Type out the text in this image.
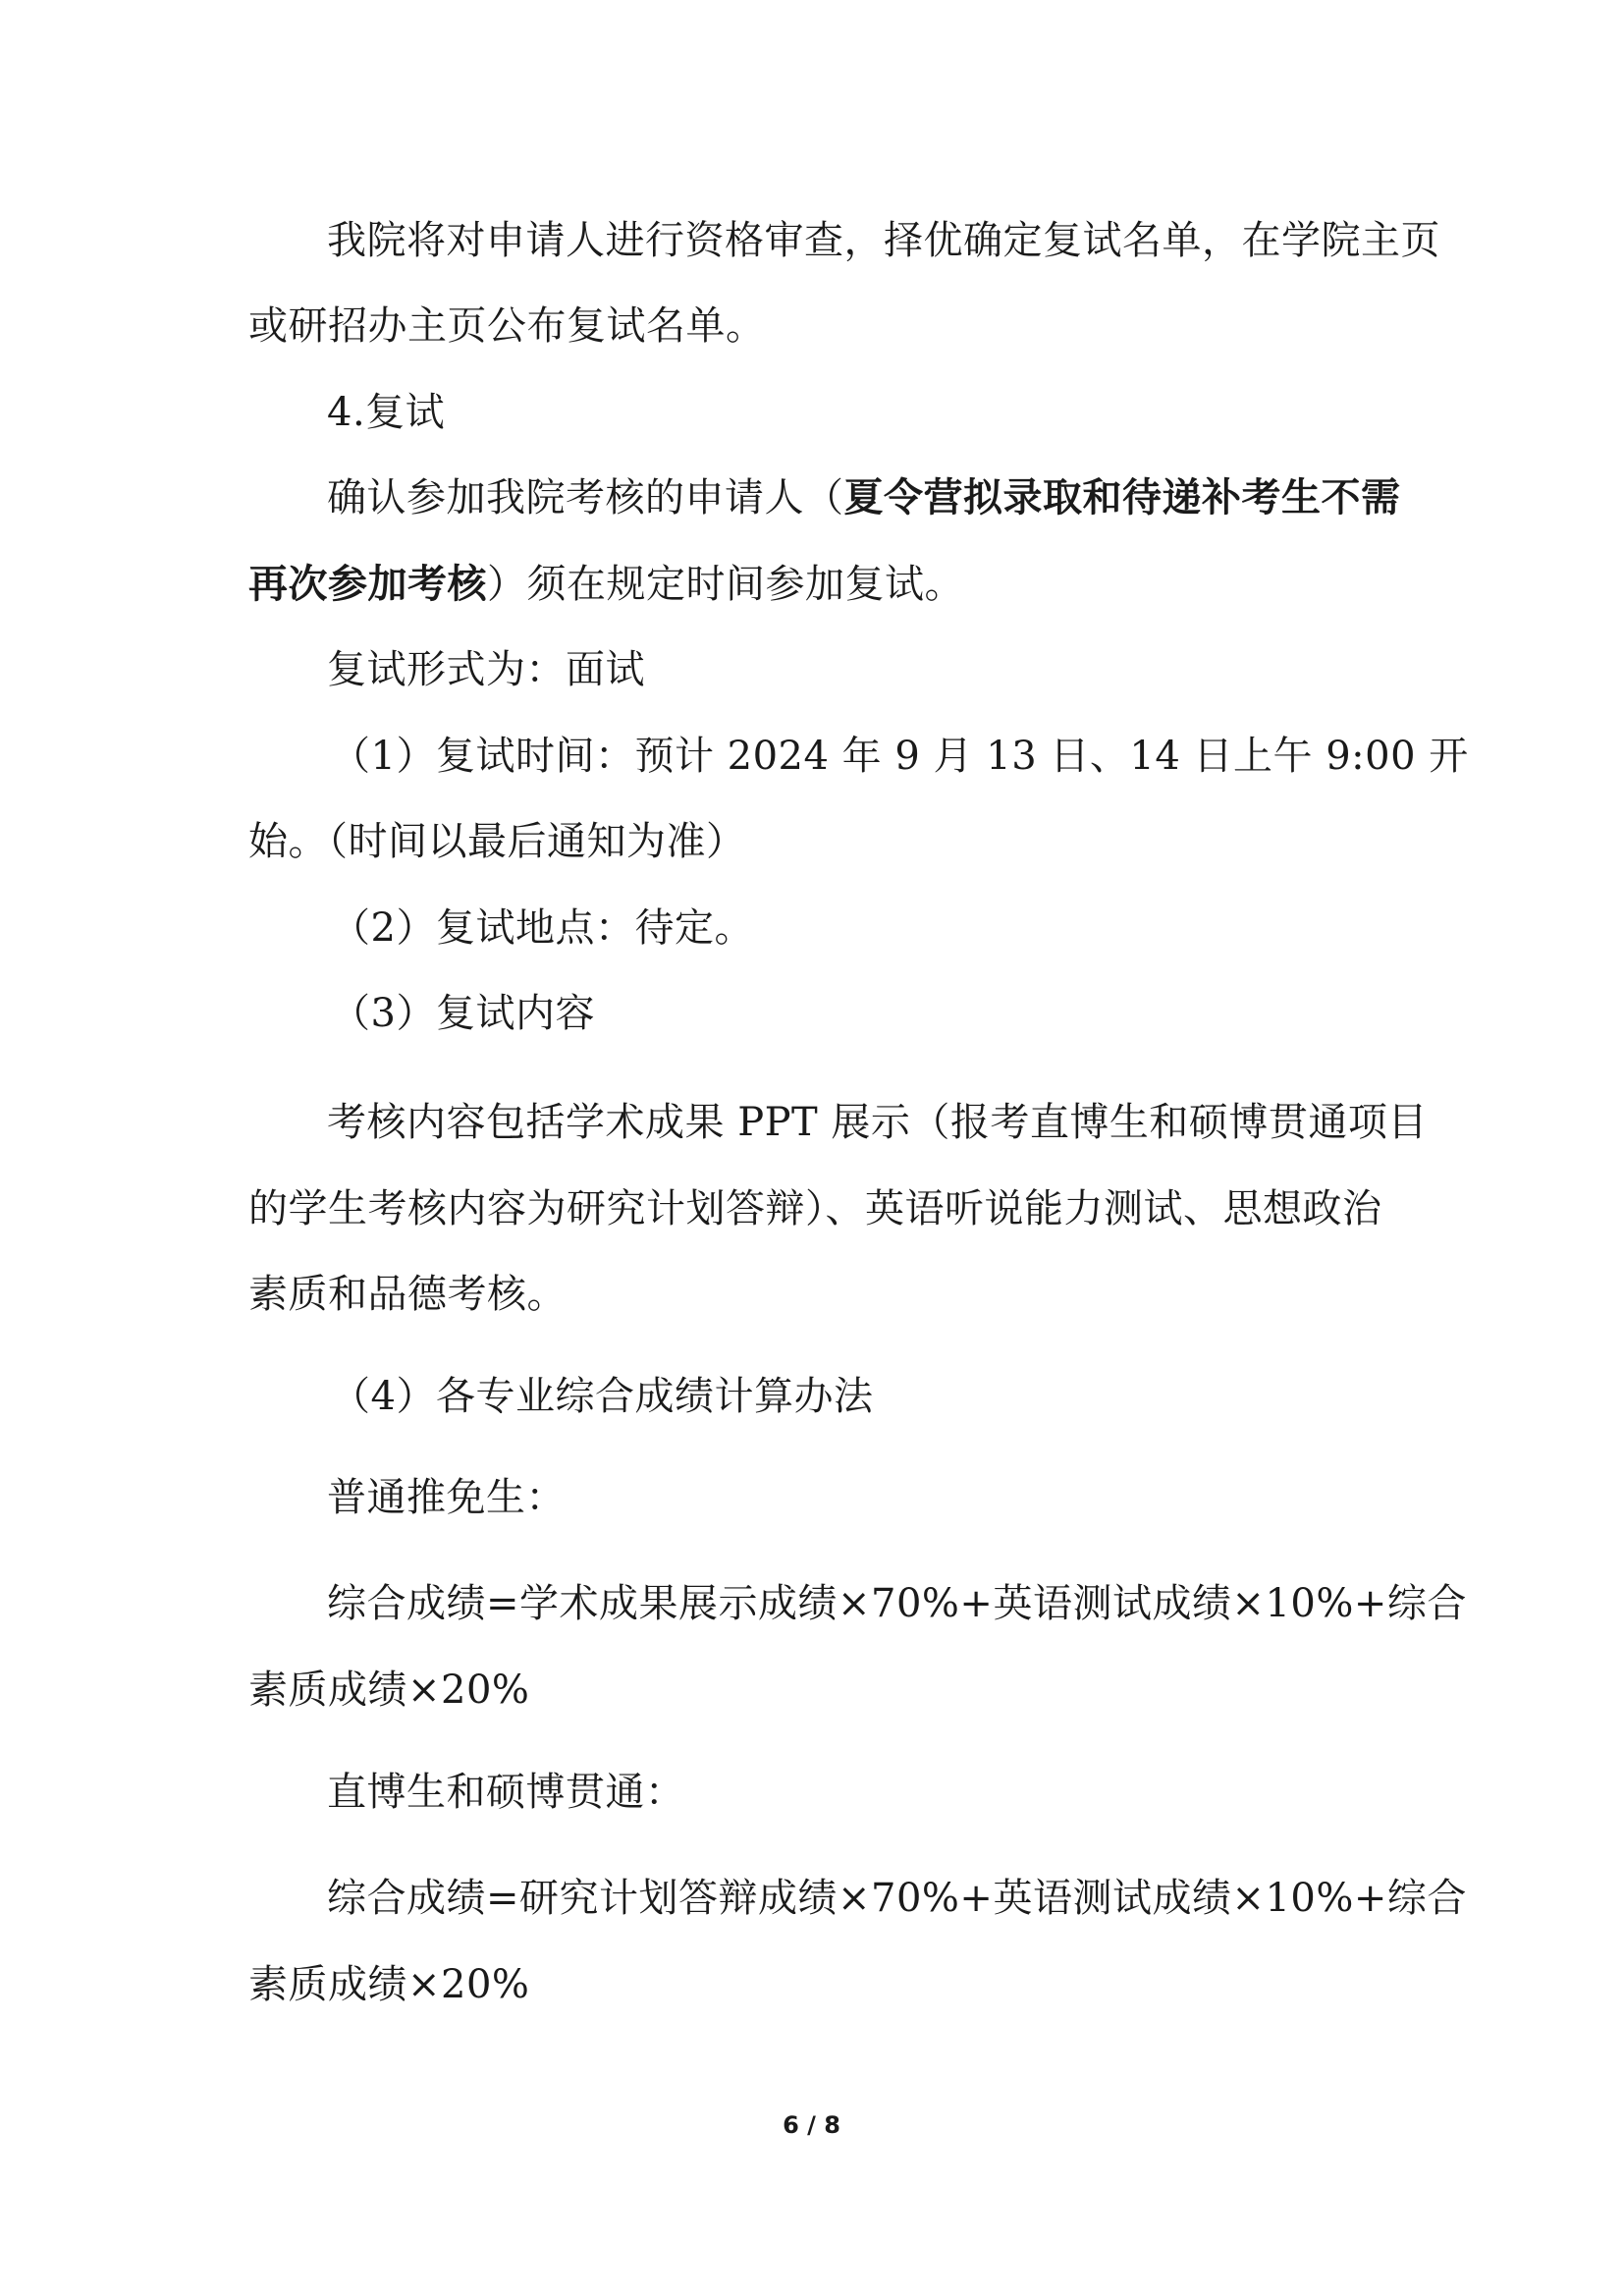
我院将对申请人进行资格审查，择优确定复试名单，在学院主页
或研招办主页公布复试名单。
4.复试
确认参加我院考核的申请人（夏令营拟录取和待递补考生不需
再次参加考核）须在规定时间参加复试。
复试形式为：面试
（1）复试时间：预计 2024 年 9 月 13 日、14 日上午 9:00 开
始。（时间以最后通知为准）
（2）复试地点：待定。
（3）复试内容
考核内容包括学术成果 PPT 展示（报考直博生和硕博贯通项目
的学生考核内容为研究计划答辩）、英语听说能力测试、思想政治
素质和品德考核。
（4）各专业综合成绩计算办法
普通推免生：
综合成绩=学术成果展示成绩×70%+英语测试成绩×10%+综合
素质成绩×20%
直博生和硕博贯通：
综合成绩=研究计划答辩成绩×70%+英语测试成绩×10%+综合
素质成绩×20%
6 / 8
